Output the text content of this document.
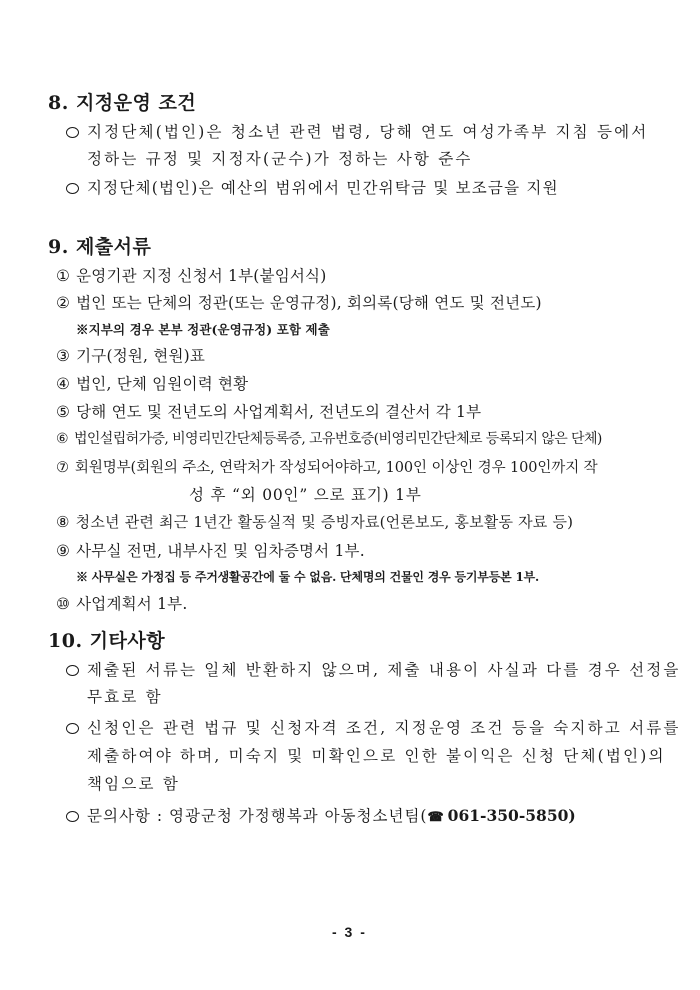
8. 지정운영 조건
지정단체(법인)은 청소년 관련 법령, 당해 연도 여성가족부 지침 등에서
정하는 규정 및 지정자(군수)가 정하는 사항 준수
지정단체(법인)은 예산의 범위에서 민간위탁금 및 보조금을 지원
9. 제출서류
① 운영기관 지정 신청서 1부(붙임서식)
② 법인 또는 단체의 정관(또는 운영규정), 회의록(당해 연도 및 전년도)
※지부의 경우 본부 정관(운영규정) 포함 제출
③ 기구(정원, 현원)표
④ 법인, 단체 임원이력 현황
⑤ 당해 연도 및 전년도의 사업계획서, 전년도의 결산서 각 1부
⑥ 법인설립허가증, 비영리민간단체등록증, 고유번호증(비영리민간단체로 등록되지 않은 단체)
⑦ 회원명부(회원의 주소, 연락처가 작성되어야하고, 100인 이상인 경우 100인까지 작
성 후 “외 00인” 으로 표기) 1부
⑧ 청소년 관련 최근 1년간 활동실적 및 증빙자료(언론보도, 홍보활동 자료 등)
⑨ 사무실 전면, 내부사진 및 임차증명서 1부.
※ 사무실은 가정집 등 주거생활공간에 둘 수 없음. 단체명의 건물인 경우 등기부등본 1부.
⑩ 사업계획서 1부.
10. 기타사항
제출된 서류는 일체 반환하지 않으며, 제출 내용이 사실과 다를 경우 선정을
무효로 함
신청인은 관련 법규 및 신청자격 조건, 지정운영 조건 등을 숙지하고 서류를
제출하여야 하며, 미숙지 및 미확인으로 인한 불이익은 신청 단체(법인)의
책임으로 함
문의사항 : 영광군청 가정행복과 아동청소년팀(☎ 061-350-5850)
- 3 -
